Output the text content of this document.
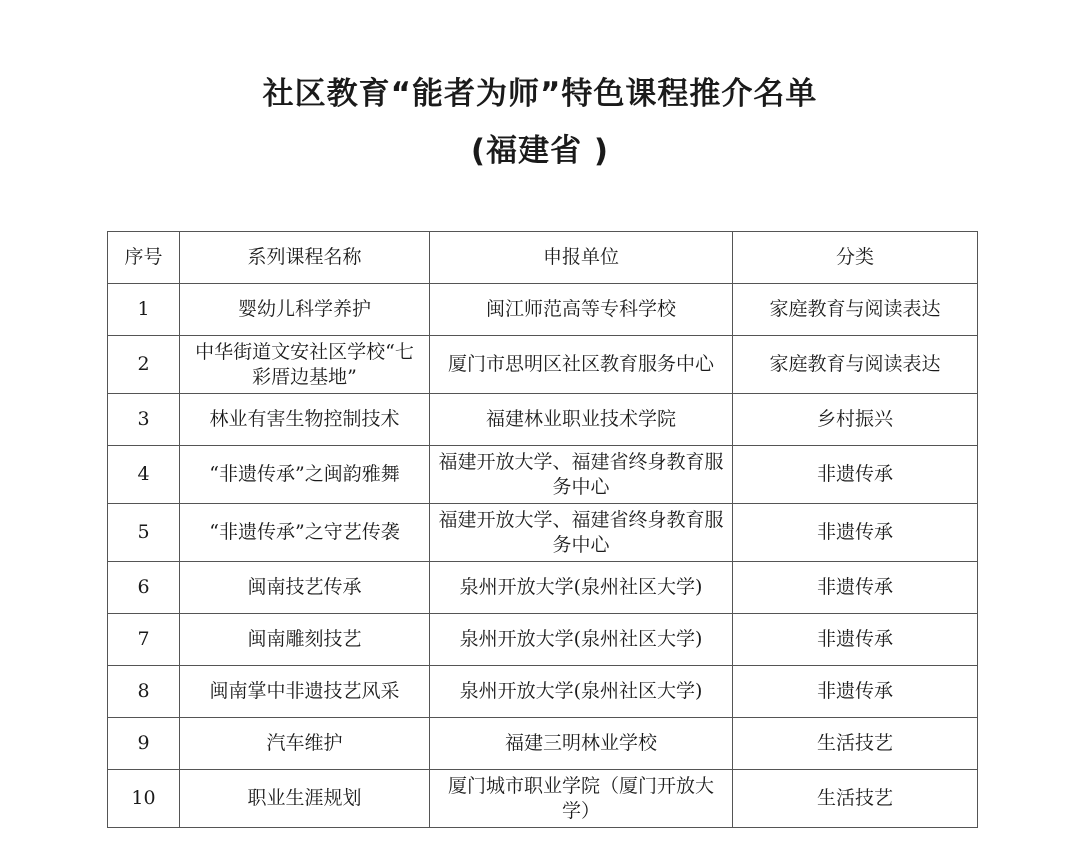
社区教育“能者为师”特色课程推介名单
(福建省 )
序号	系列课程名称	申报单位	分类
1	婴幼儿科学养护	闽江师范高等专科学校	家庭教育与阅读表达
2	中华街道文安社区学校“七彩厝边基地”	厦门市思明区社区教育服务中心	家庭教育与阅读表达
3	林业有害生物控制技术	福建林业职业技术学院	乡村振兴
4	“非遗传承”之闽韵雅舞	福建开放大学、福建省终身教育服务中心	非遗传承
5	“非遗传承”之守艺传袭	福建开放大学、福建省终身教育服务中心	非遗传承
6	闽南技艺传承	泉州开放大学(泉州社区大学)	非遗传承
7	闽南雕刻技艺	泉州开放大学(泉州社区大学)	非遗传承
8	闽南掌中非遗技艺风采	泉州开放大学(泉州社区大学)	非遗传承
9	汽车维护	福建三明林业学校	生活技艺
10	职业生涯规划	厦门城市职业学院（厦门开放大学）	生活技艺
